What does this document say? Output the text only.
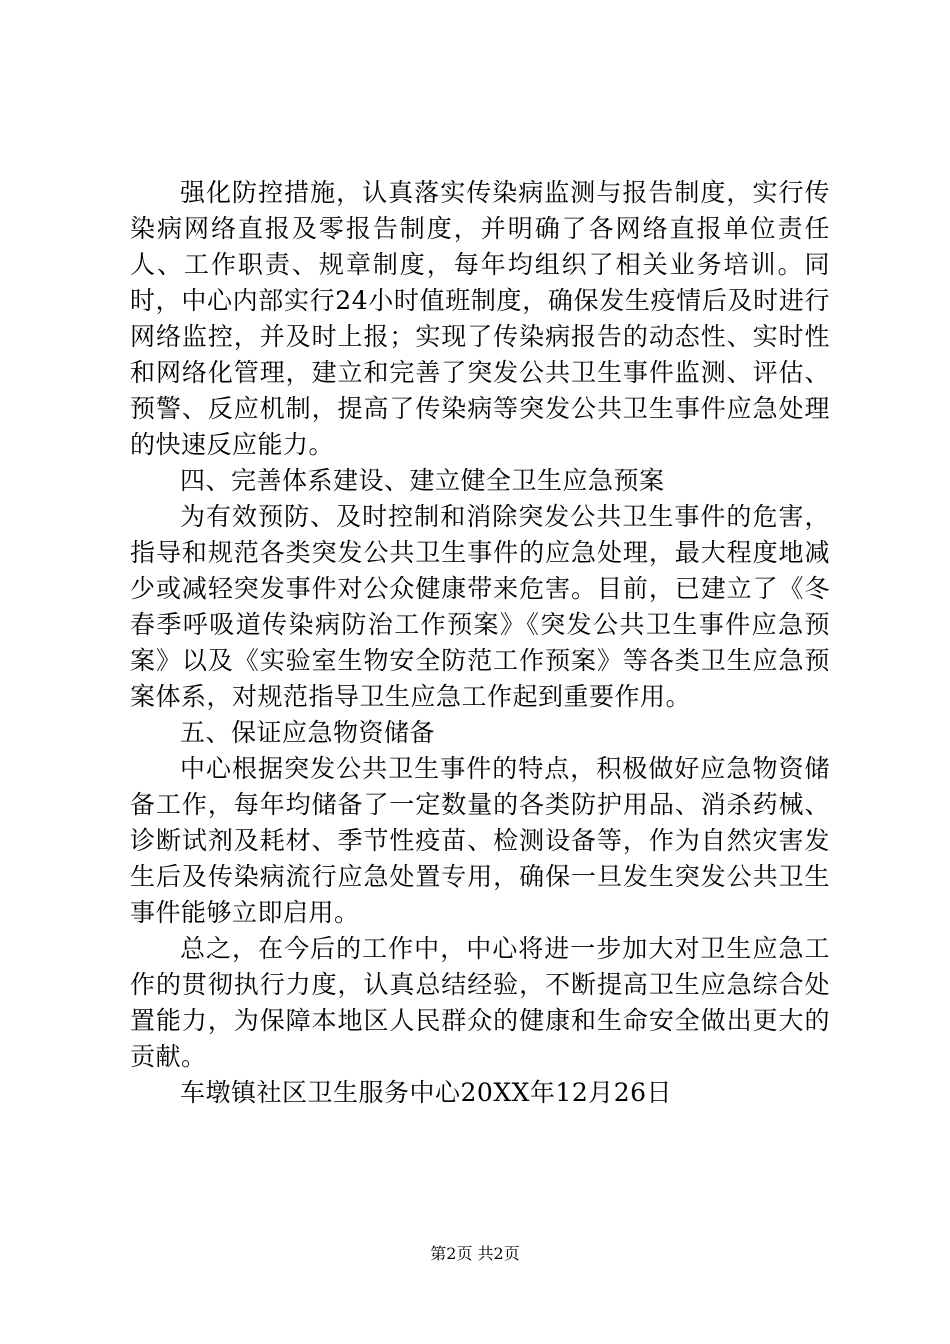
强化防控措施，认真落实传染病监测与报告制度，实行传染病网络直报及零报告制度，并明确了各网络直报单位责任人、工作职责、规章制度，每年均组织了相关业务培训。同时，中心内部实行24小时值班制度，确保发生疫情后及时进行网络监控，并及时上报；实现了传染病报告的动态性、实时性和网络化管理，建立和完善了突发公共卫生事件监测、评估、预警、反应机制，提高了传染病等突发公共卫生事件应急处理的快速反应能力。

四、完善体系建设、建立健全卫生应急预案

为有效预防、及时控制和消除突发公共卫生事件的危害，指导和规范各类突发公共卫生事件的应急处理，最大程度地减少或减轻突发事件对公众健康带来危害。目前，已建立了《冬春季呼吸道传染病防治工作预案》《突发公共卫生事件应急预案》以及《实验室生物安全防范工作预案》等各类卫生应急预案体系，对规范指导卫生应急工作起到重要作用。

五、保证应急物资储备

中心根据突发公共卫生事件的特点，积极做好应急物资储备工作，每年均储备了一定数量的各类防护用品、消杀药械、诊断试剂及耗材、季节性疫苗、检测设备等，作为自然灾害发生后及传染病流行应急处置专用，确保一旦发生突发公共卫生事件能够立即启用。

总之，在今后的工作中，中心将进一步加大对卫生应急工作的贯彻执行力度，认真总结经验，不断提高卫生应急综合处置能力，为保障本地区人民群众的健康和生命安全做出更大的贡献。

车墩镇社区卫生服务中心20XX年12月26日

第2页 共2页
